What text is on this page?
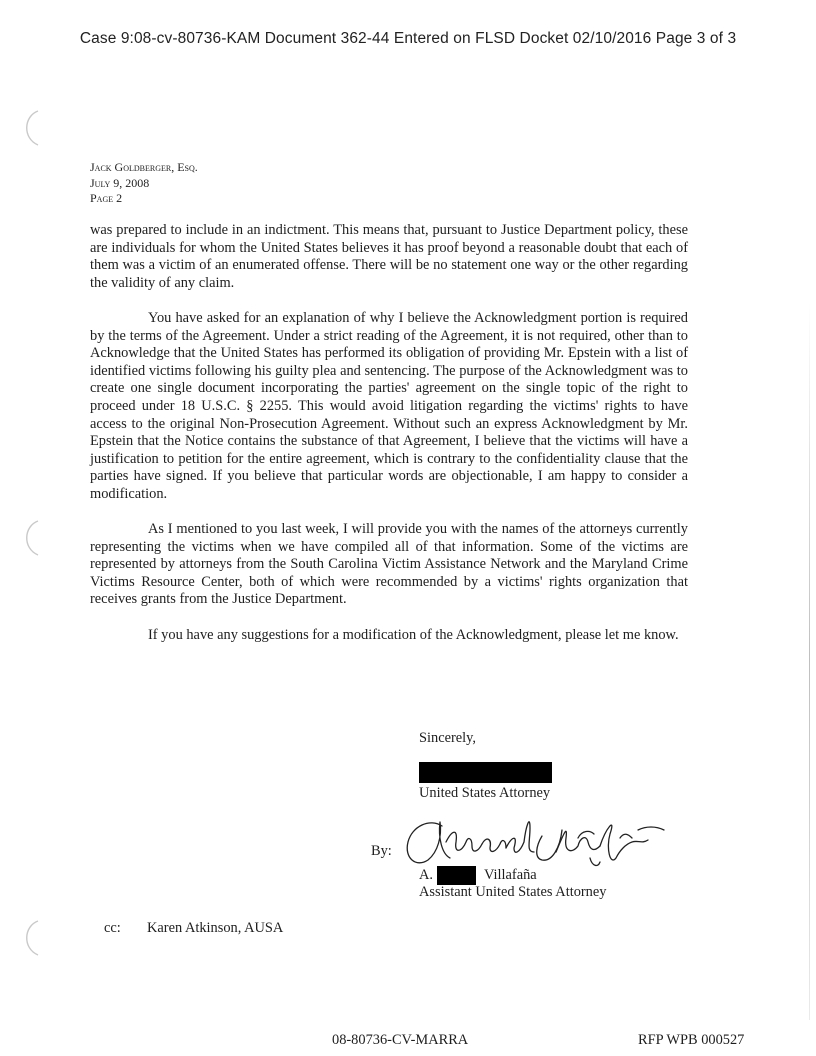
Case 9:08-cv-80736-KAM Document 362-44 Entered on FLSD Docket 02/10/2016 Page 3 of 3
Jack Goldberger, Esq.
July 9, 2008
Page 2

was prepared to include in an indictment. This means that, pursuant to Justice Department policy, these are individuals for whom the United States believes it has proof beyond a reasonable doubt that each of them was a victim of an enumerated offense. There will be no statement one way or the other regarding the validity of any claim.

You have asked for an explanation of why I believe the Acknowledgment portion is required by the terms of the Agreement. Under a strict reading of the Agreement, it is not required, other than to Acknowledge that the United States has performed its obligation of providing Mr. Epstein with a list of identified victims following his guilty plea and sentencing. The purpose of the Acknowledgment was to create one single document incorporating the parties' agreement on the single topic of the right to proceed under 18 U.S.C. § 2255. This would avoid litigation regarding the victims' rights to have access to the original Non-Prosecution Agreement. Without such an express Acknowledgment by Mr. Epstein that the Notice contains the substance of that Agreement, I believe that the victims will have a justification to petition for the entire agreement, which is contrary to the confidentiality clause that the parties have signed. If you believe that particular words are objectionable, I am happy to consider a modification.

As I mentioned to you last week, I will provide you with the names of the attorneys currently representing the victims when we have compiled all of that information. Some of the victims are represented by attorneys from the South Carolina Victim Assistance Network and the Maryland Crime Victims Resource Center, both of which were recommended by a victims' rights organization that receives grants from the Justice Department.

If you have any suggestions for a modification of the Acknowledgment, please let me know.

Sincerely,
United States Attorney
By:
A.	Villafaña
Assistant United States Attorney
cc: Karen Atkinson, AUSA
08-80736-CV-MARRA	RFP WPB 000527
